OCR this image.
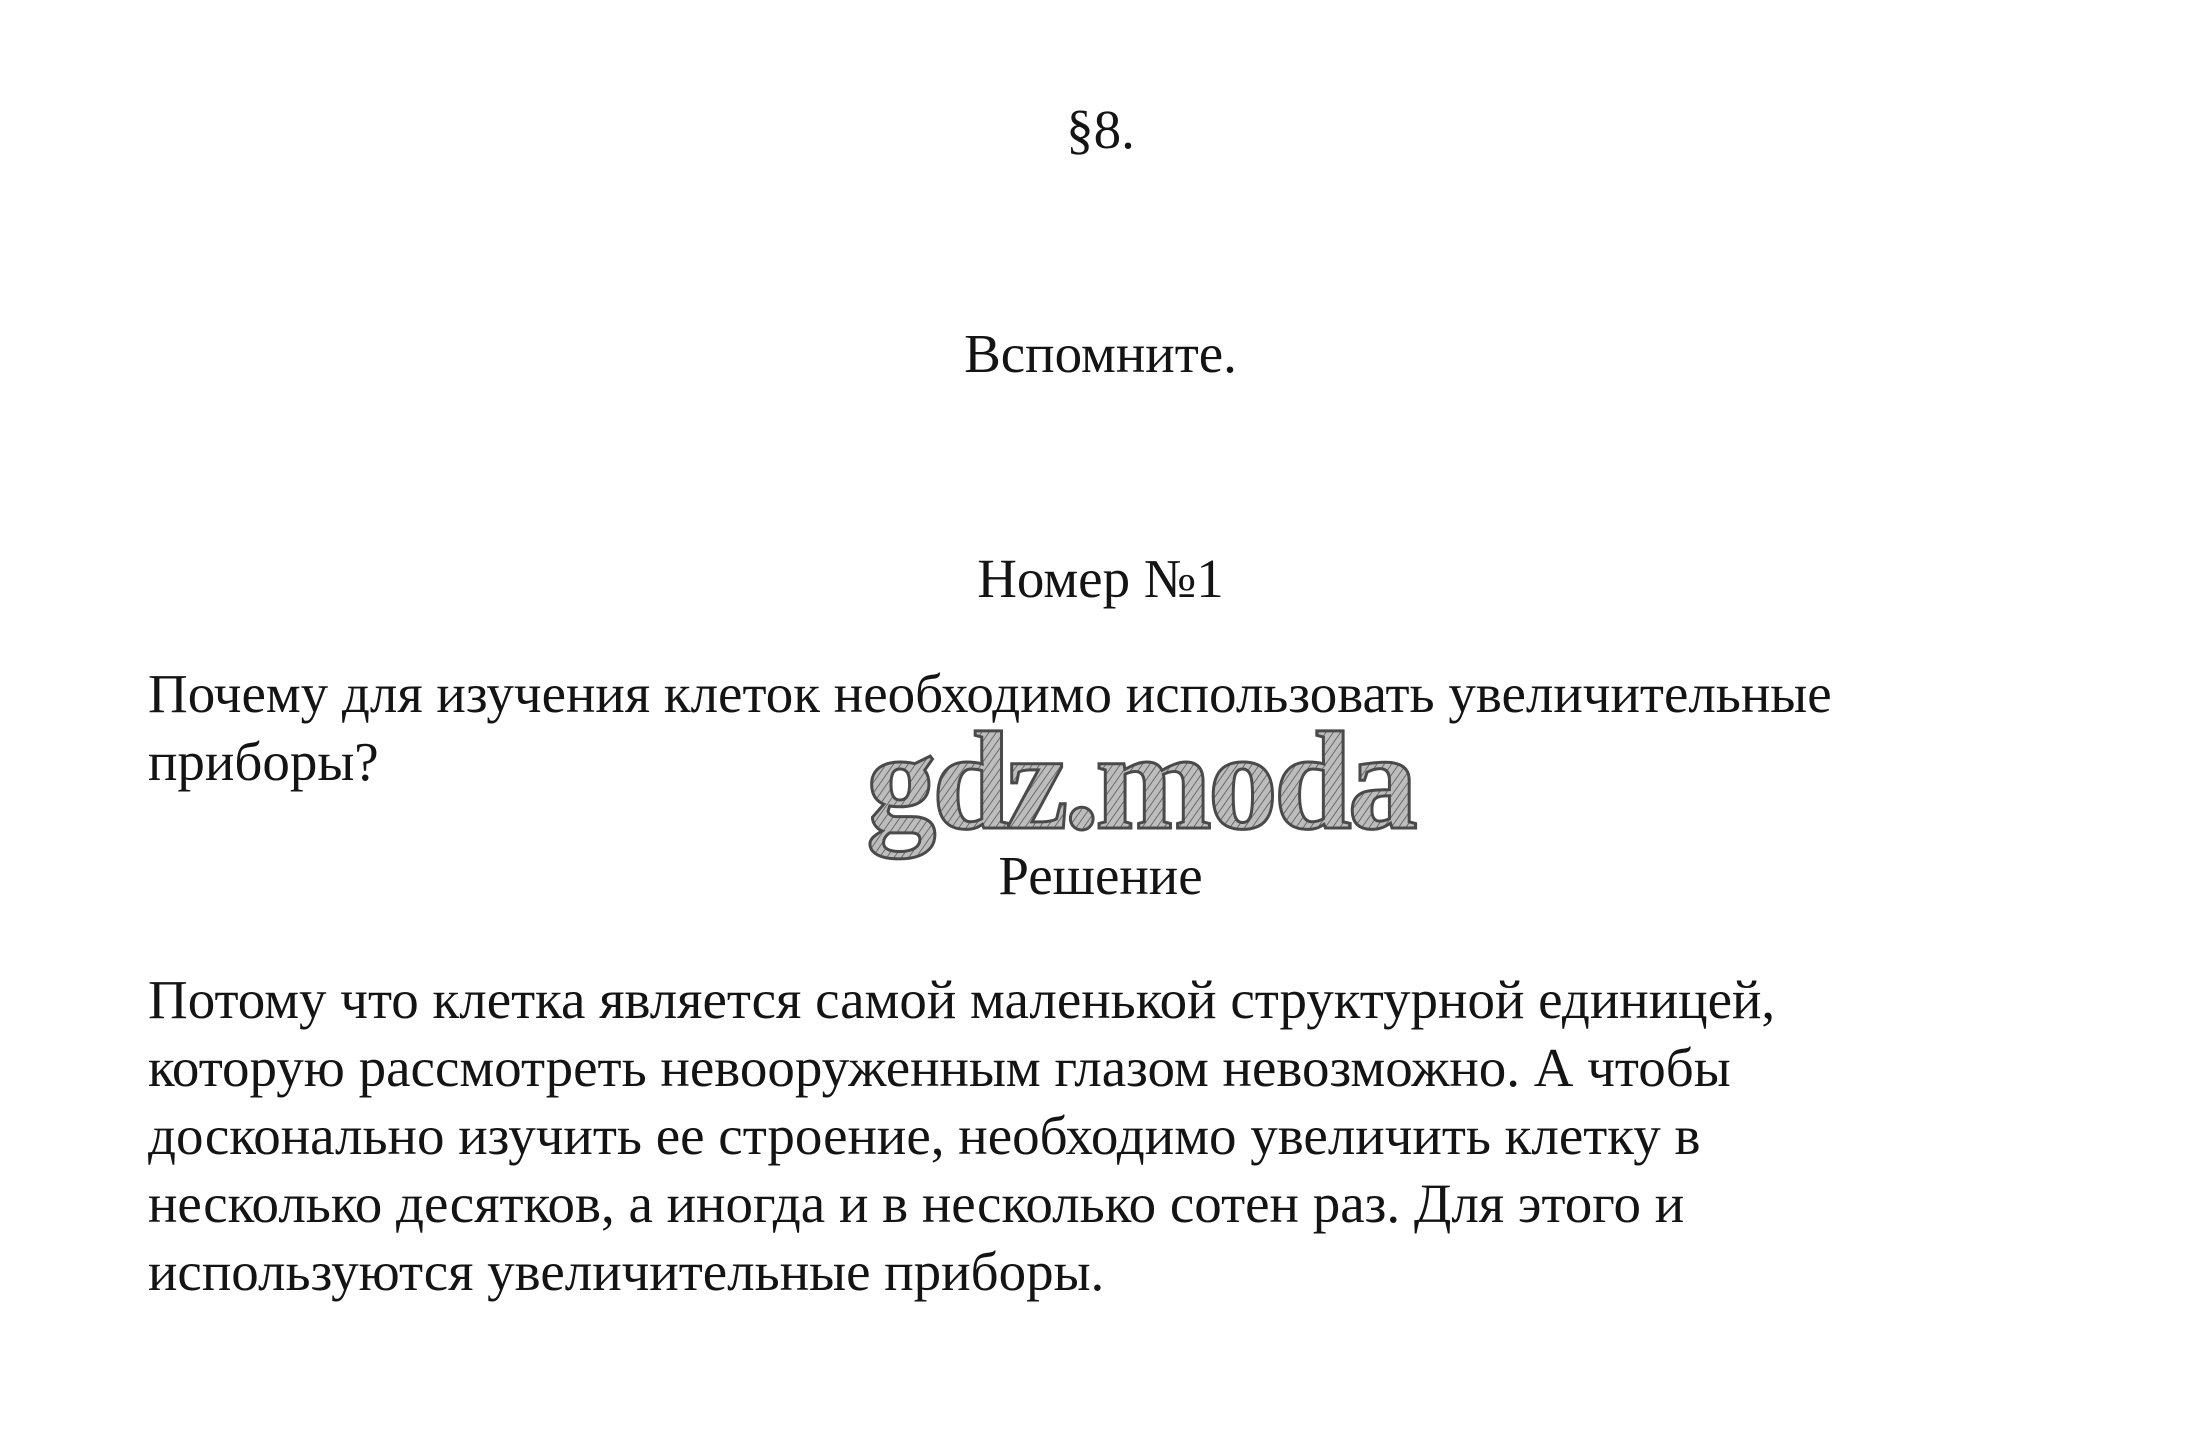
§8.
Вспомните.
Номер №1
Почему для изучения клеток необходимо использовать увеличительные
приборы?	gdz.moda
Решение
Потому что клетка является самой маленькой структурной единицей,
которую рассмотреть невооруженным глазом невозможно. А чтобы
досконально изучить ее строение, необходимо увеличить клетку в
несколько десятков, а иногда и в несколько сотен раз. Для этого и
используются увеличительные приборы.
